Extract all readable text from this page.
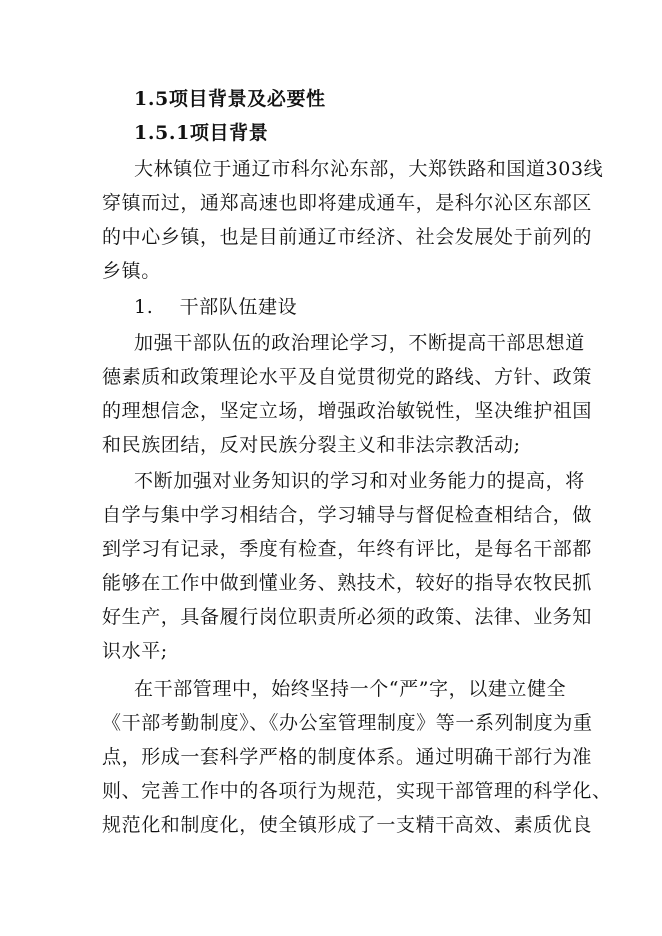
1.5项目背景及必要性
1.5.1项目背景
大林镇位于通辽市科尔沁东部，大郑铁路和国道303线
穿镇而过，通郑高速也即将建成通车，是科尔沁区东部区
的中心乡镇，也是目前通辽市经济、社会发展处于前列的
乡镇。
1.　 干部队伍建设
加强干部队伍的政治理论学习，不断提高干部思想道
德素质和政策理论水平及自觉贯彻党的路线、方针、政策
的理想信念，坚定立场，增强政治敏锐性，坚决维护祖国
和民族团结，反对民族分裂主义和非法宗教活动;
不断加强对业务知识的学习和对业务能力的提高，将
自学与集中学习相结合，学习辅导与督促检查相结合，做
到学习有记录，季度有检查，年终有评比，是每名干部都
能够在工作中做到懂业务、熟技术，较好的指导农牧民抓
好生产，具备履行岗位职责所必须的政策、法律、业务知
识水平;
在干部管理中，始终坚持一个“严”字，以建立健全
《干部考勤制度》、《办公室管理制度》等一系列制度为重
点，形成一套科学严格的制度体系。通过明确干部行为准
则、完善工作中的各项行为规范，实现干部管理的科学化、
规范化和制度化，使全镇形成了一支精干高效、素质优良
